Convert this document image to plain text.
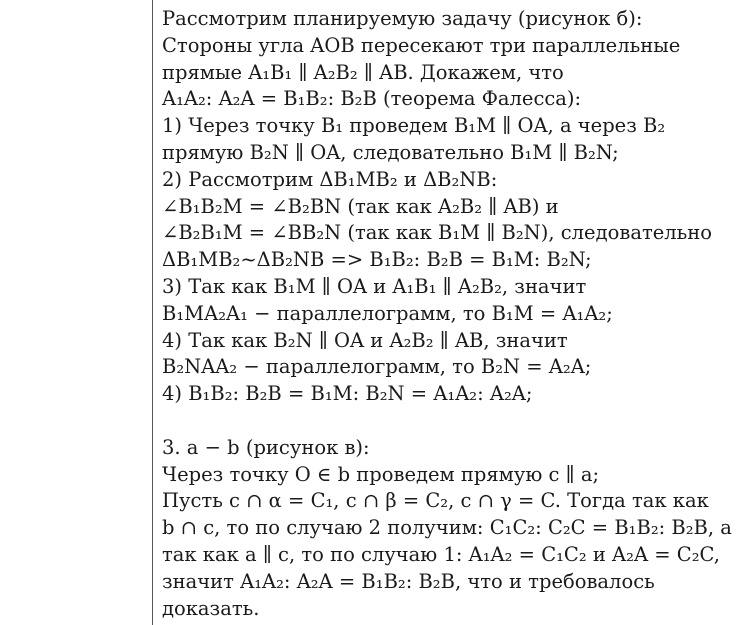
Рассмотрим планируемую задачу (рисунок б):
Стороны угла AOB пересекают три параллельные
прямые A₁B₁ ∥ A₂B₂ ∥ AB. Докажем, что
A₁A₂: A₂A = B₁B₂: B₂B (теорема Фалесса):
1) Через точку B₁ проведем B₁M ∥ OA, а через B₂
прямую B₂N ∥ OA, следовательно B₁M ∥ B₂N;
2) Рассмотрим ΔB₁MB₂ и ΔB₂NB:
∠B₁B₂M = ∠B₂BN (так как A₂B₂ ∥ AB) и
∠B₂B₁M = ∠BB₂N (так как B₁M ∥ B₂N), следовательно
ΔB₁MB₂~ΔB₂NB => B₁B₂: B₂B = B₁M: B₂N;
3) Так как B₁M ∥ OA и A₁B₁ ∥ A₂B₂, значит
B₁MA₂A₁ − параллелограмм, то B₁M = A₁A₂;
4) Так как B₂N ∥ OA и A₂B₂ ∥ AB, значит
B₂NAA₂ − параллелограмм, то B₂N = A₂A;
4) B₁B₂: B₂B = B₁M: B₂N = A₁A₂: A₂A;
3. a − b (рисунок в):
Через точку O ∈ b проведем прямую c ∥ a;
Пусть c ∩ α = C₁, c ∩ β = C₂, c ∩ γ = C. Тогда так как
b ∩ c, то по случаю 2 получим: C₁C₂: C₂C = B₁B₂: B₂B, а
так как a ∥ c, то по случаю 1: A₁A₂ = C₁C₂ и A₂A = C₂C,
значит A₁A₂: A₂A = B₁B₂: B₂B, что и требовалось
доказать.
